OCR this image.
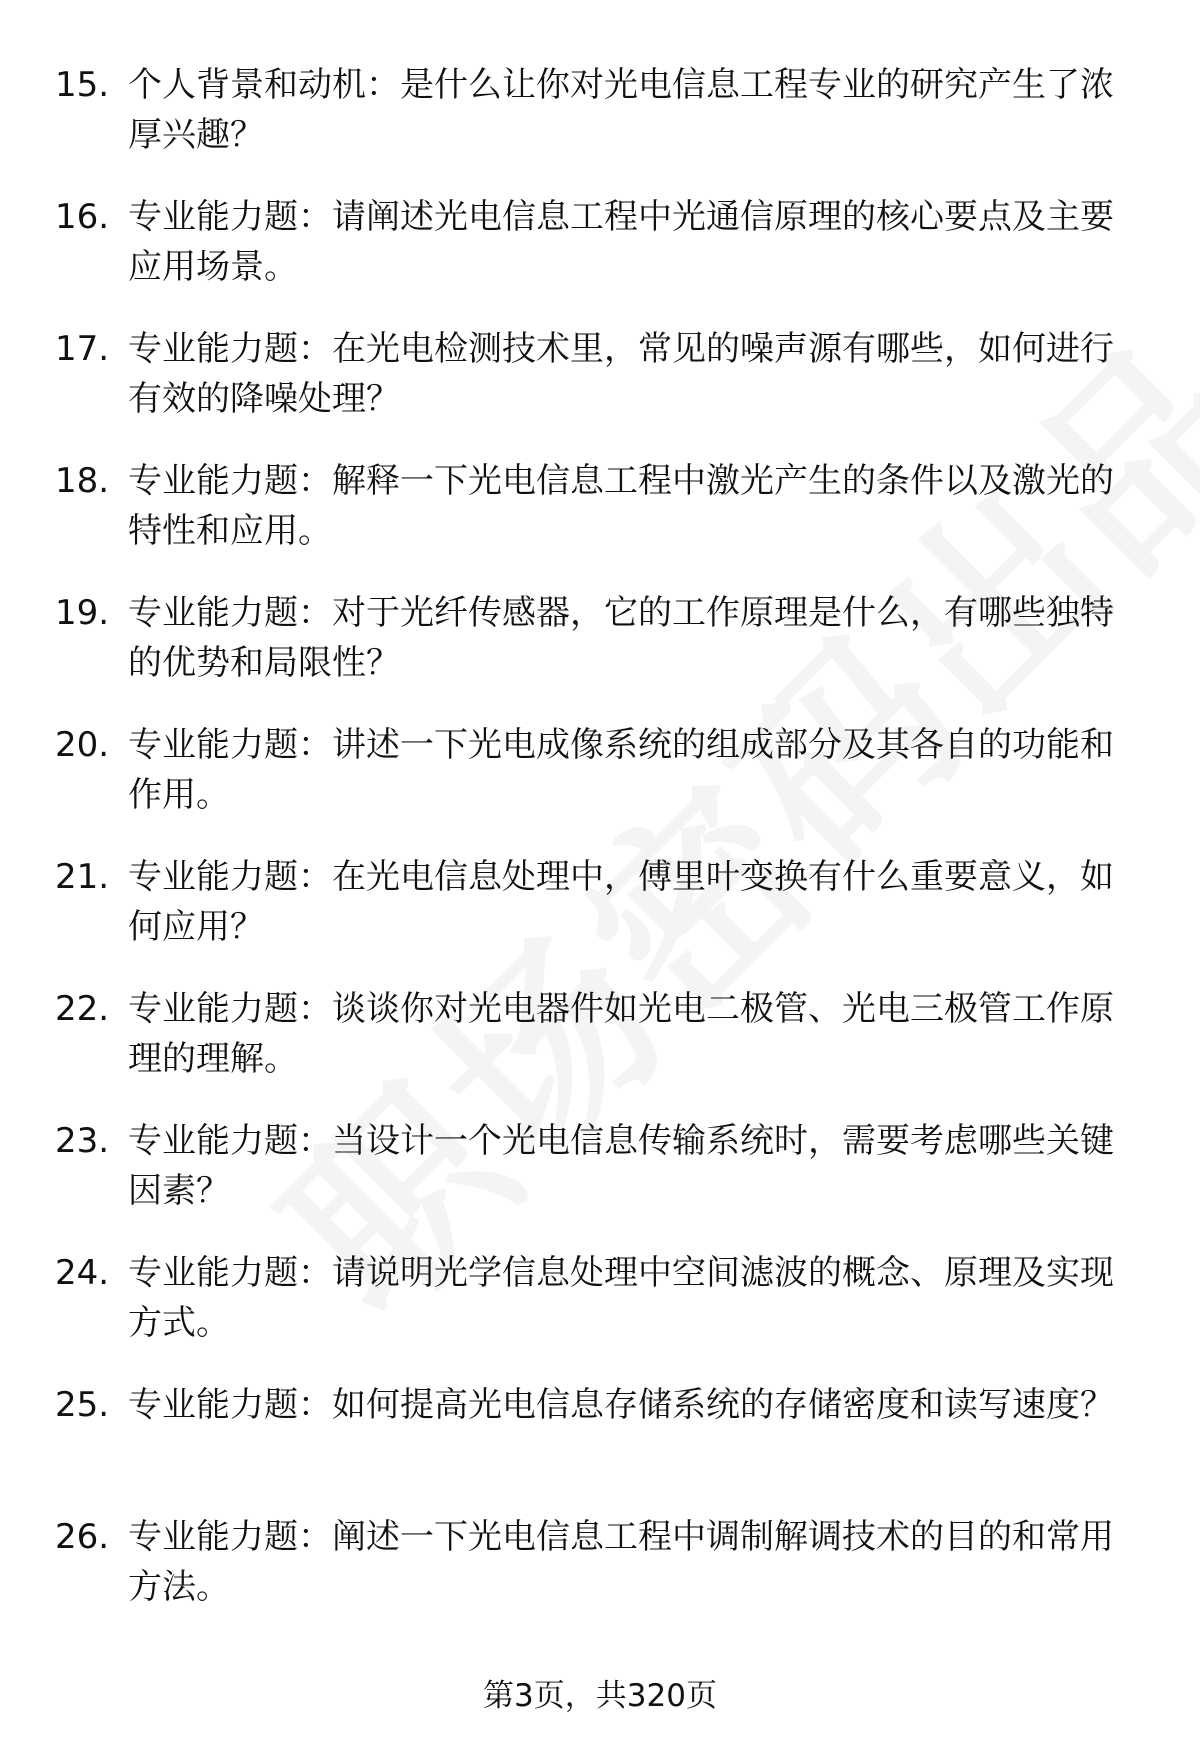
15. 个人背景和动机：是什么让你对光电信息工程专业的研究产生了浓厚兴趣？
16. 专业能力题：请阐述光电信息工程中光通信原理的核心要点及主要应用场景。
17. 专业能力题：在光电检测技术里，常见的噪声源有哪些，如何进行有效的降噪处理？
18. 专业能力题：解释一下光电信息工程中激光产生的条件以及激光的特性和应用。
19. 专业能力题：对于光纤传感器，它的工作原理是什么，有哪些独特的优势和局限性？
20. 专业能力题：讲述一下光电成像系统的组成部分及其各自的功能和作用。
21. 专业能力题：在光电信息处理中，傅里叶变换有什么重要意义，如何应用？
22. 专业能力题：谈谈你对光电器件如光电二极管、光电三极管工作原理的理解。
23. 专业能力题：当设计一个光电信息传输系统时，需要考虑哪些关键因素？
24. 专业能力题：请说明光学信息处理中空间滤波的概念、原理及实现方式。
25. 专业能力题：如何提高光电信息存储系统的存储密度和读写速度？
26. 专业能力题：阐述一下光电信息工程中调制解调技术的目的和常用方法。
第3页，共320页
